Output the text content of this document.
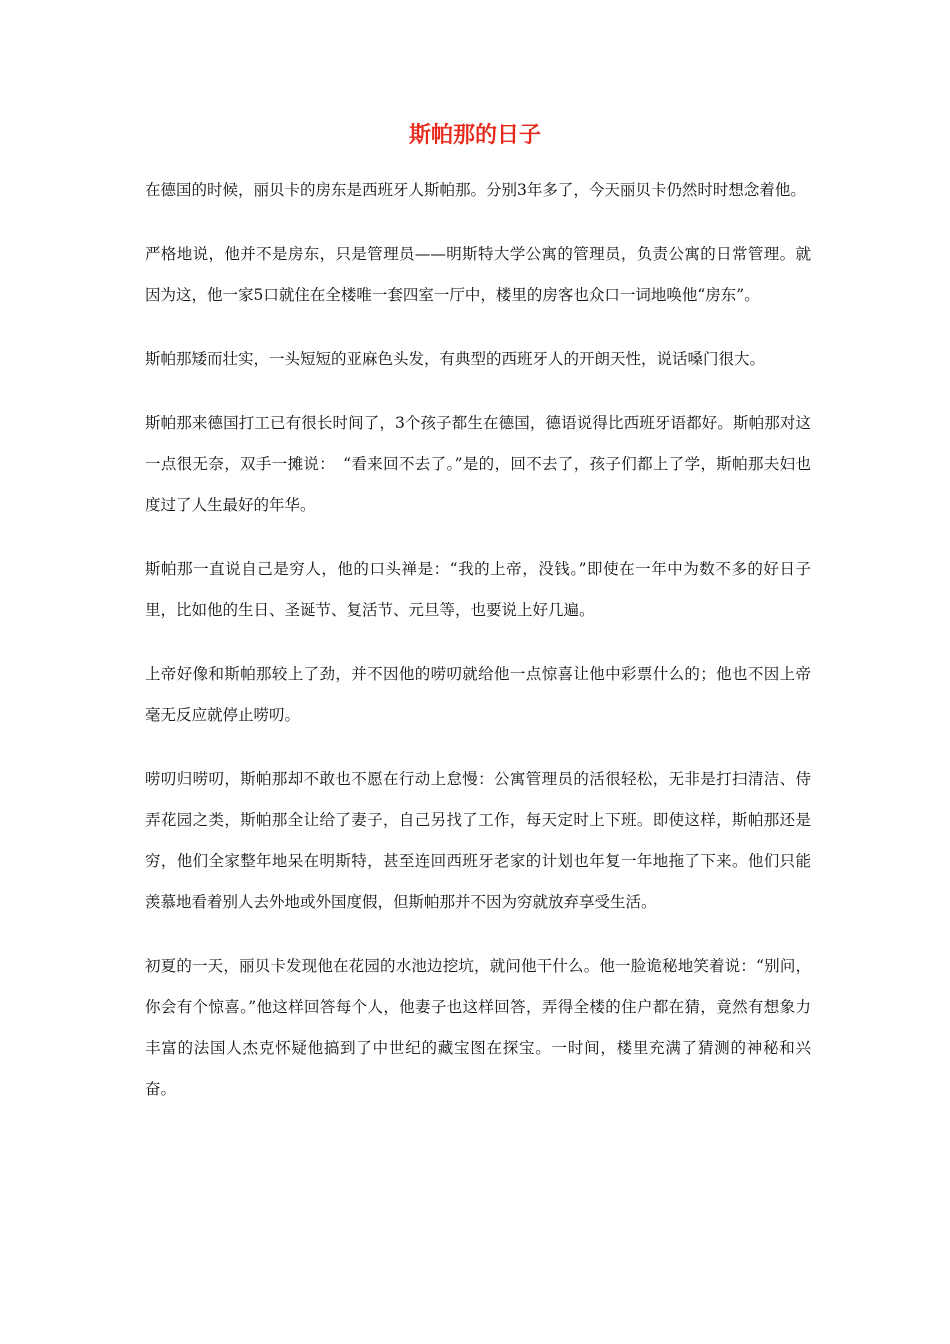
斯帕那的日子

在德国的时候，丽贝卡的房东是西班牙人斯帕那。分别3年多了，今天丽贝卡仍然时时想念着他。

严格地说，他并不是房东，只是管理员——明斯特大学公寓的管理员，负责公寓的日常管理。就因为这，他一家5口就住在全楼唯一套四室一厅中，楼里的房客也众口一词地唤他“房东”。

斯帕那矮而壮实，一头短短的亚麻色头发，有典型的西班牙人的开朗天性，说话嗓门很大。

斯帕那来德国打工已有很长时间了，3个孩子都生在德国，德语说得比西班牙语都好。斯帕那对这一点很无奈，双手一摊说：　“看来回不去了。”是的，回不去了，孩子们都上了学，斯帕那夫妇也度过了人生最好的年华。

斯帕那一直说自己是穷人，他的口头禅是：“我的上帝，没钱。”即使在一年中为数不多的好日子里，比如他的生日、圣诞节、复活节、元旦等，也要说上好几遍。

上帝好像和斯帕那较上了劲，并不因他的唠叨就给他一点惊喜让他中彩票什么的；他也不因上帝毫无反应就停止唠叨。

唠叨归唠叨，斯帕那却不敢也不愿在行动上怠慢：公寓管理员的活很轻松，无非是打扫清洁、侍弄花园之类，斯帕那全让给了妻子，自己另找了工作，每天定时上下班。即使这样，斯帕那还是穷，他们全家整年地呆在明斯特，甚至连回西班牙老家的计划也年复一年地拖了下来。他们只能羡慕地看着别人去外地或外国度假，但斯帕那并不因为穷就放弃享受生活。

初夏的一天，丽贝卡发现他在花园的水池边挖坑，就问他干什么。他一脸诡秘地笑着说：“别问，你会有个惊喜。”他这样回答每个人，他妻子也这样回答，弄得全楼的住户都在猜，竟然有想象力丰富的法国人杰克怀疑他搞到了中世纪的藏宝图在探宝。一时间，楼里充满了猜测的神秘和兴奋。
